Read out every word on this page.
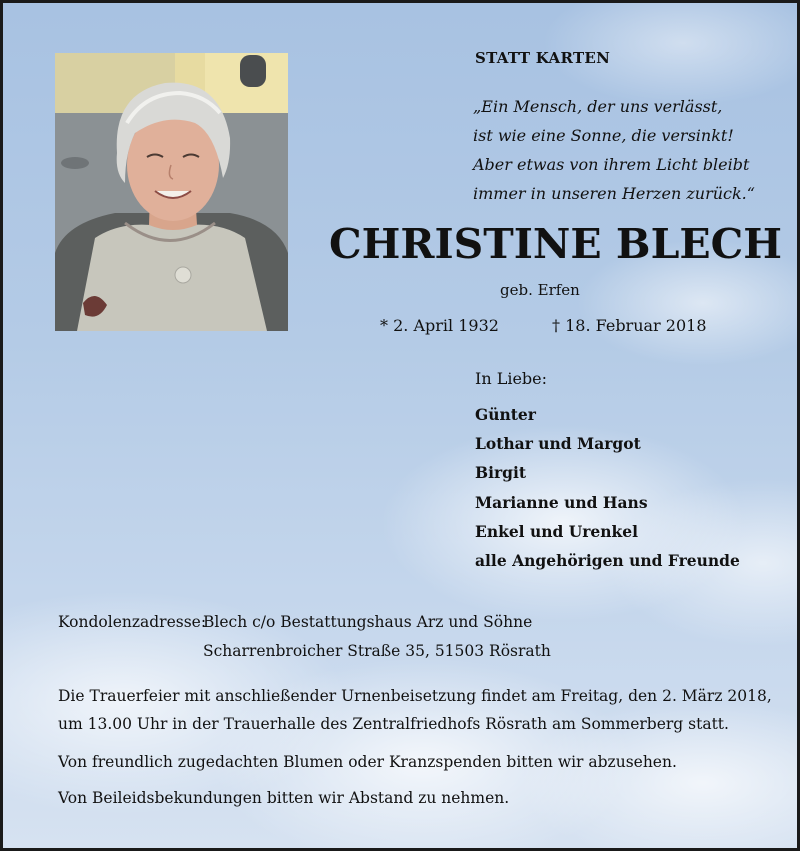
STATT KARTEN
„Ein Mensch, der uns verlässt,
ist wie eine Sonne, die versinkt!
Aber etwas von ihrem Licht bleibt
immer in unseren Herzen zurück.“
CHRISTINE BLECH
geb. Erfen
* 2. April 1932	† 18. Februar 2018
In Liebe:
Günter
Lothar und Margot
Birgit
Marianne und Hans
Enkel und Urenkel
alle Angehörigen und Freunde
Kondolenzadresse:
Blech c/o Bestattungshaus Arz und Söhne
Scharrenbroicher Straße 35, 51503 Rösrath
Die Trauerfeier mit anschließender Urnenbeisetzung findet am Freitag, den 2. März 2018,
um 13.00 Uhr in der Trauerhalle des Zentralfriedhofs Rösrath am Sommerberg statt.
Von freundlich zugedachten Blumen oder Kranzspenden bitten wir abzusehen.
Von Beileidsbekundungen bitten wir Abstand zu nehmen.
